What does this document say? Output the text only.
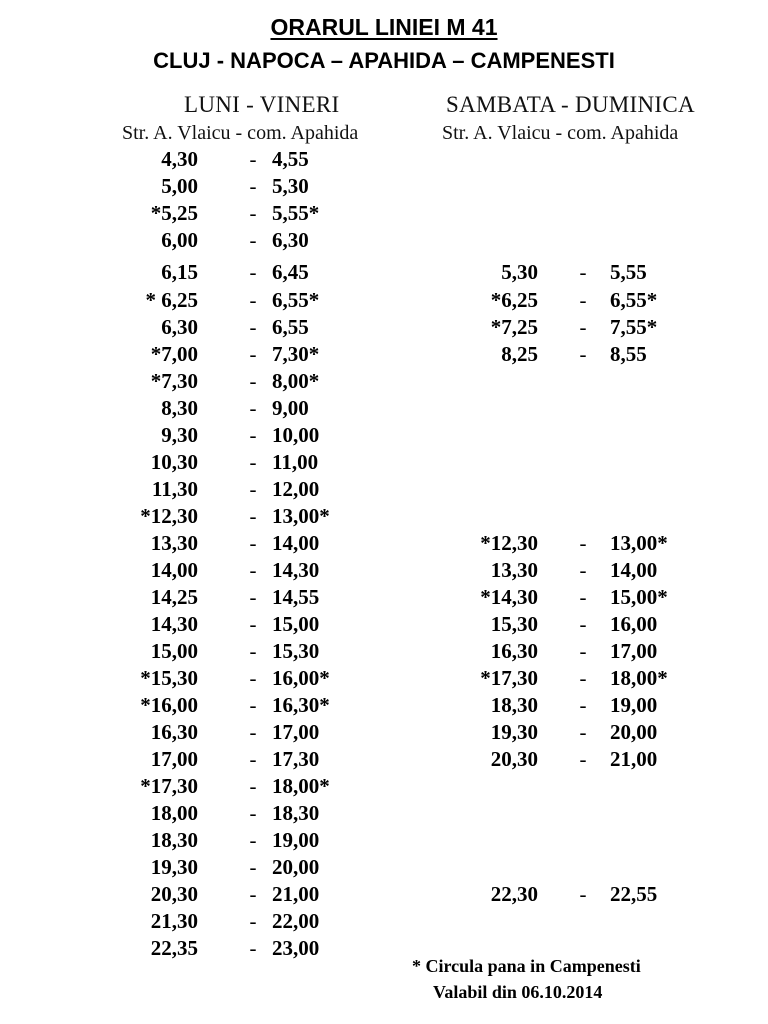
ORARUL LINIEI M 41
CLUJ - NAPOCA – APAHIDA – CAMPENESTI
LUNI - VINERI
Str. A. Vlaicu - com. Apahida
SAMBATA - DUMINICA
Str. A. Vlaicu - com. Apahida
4,30	- 4,55
5,00	- 5,30
*5,25	- 5,55*
6,00	- 6,30
6,15	- 6,45
* 6,25	- 6,55*
6,30	- 6,55
*7,00	- 7,30*
*7,30	- 8,00*
8,30	- 9,00
9,30	- 10,00
10,30	- 11,00
11,30	- 12,00
*12,30	- 13,00*
13,30	- 14,00
14,00	- 14,30
14,25	- 14,55
14,30	- 15,00
15,00	- 15,30
*15,30	- 16,00*
*16,00	- 16,30*
16,30	- 17,00
17,00	- 17,30
*17,30	- 18,00*
18,00	- 18,30
18,30	- 19,00
19,30	- 20,00
20,30	- 21,00
21,30	- 22,00
22,35	- 23,00
5,30	-	5,55
*6,25	-	6,55*
*7,25	-	7,55*
8,25	-	8,55
*12,30	-	13,00*
13,30	-	14,00
*14,30	-	15,00*
15,30	-	16,00
16,30	-	17,00
*17,30	-	18,00*
18,30	-	19,00
19,30	-	20,00
20,30	-	21,00
22,30	-	22,55
* Circula pana in Campenesti
Valabil din 06.10.2014
